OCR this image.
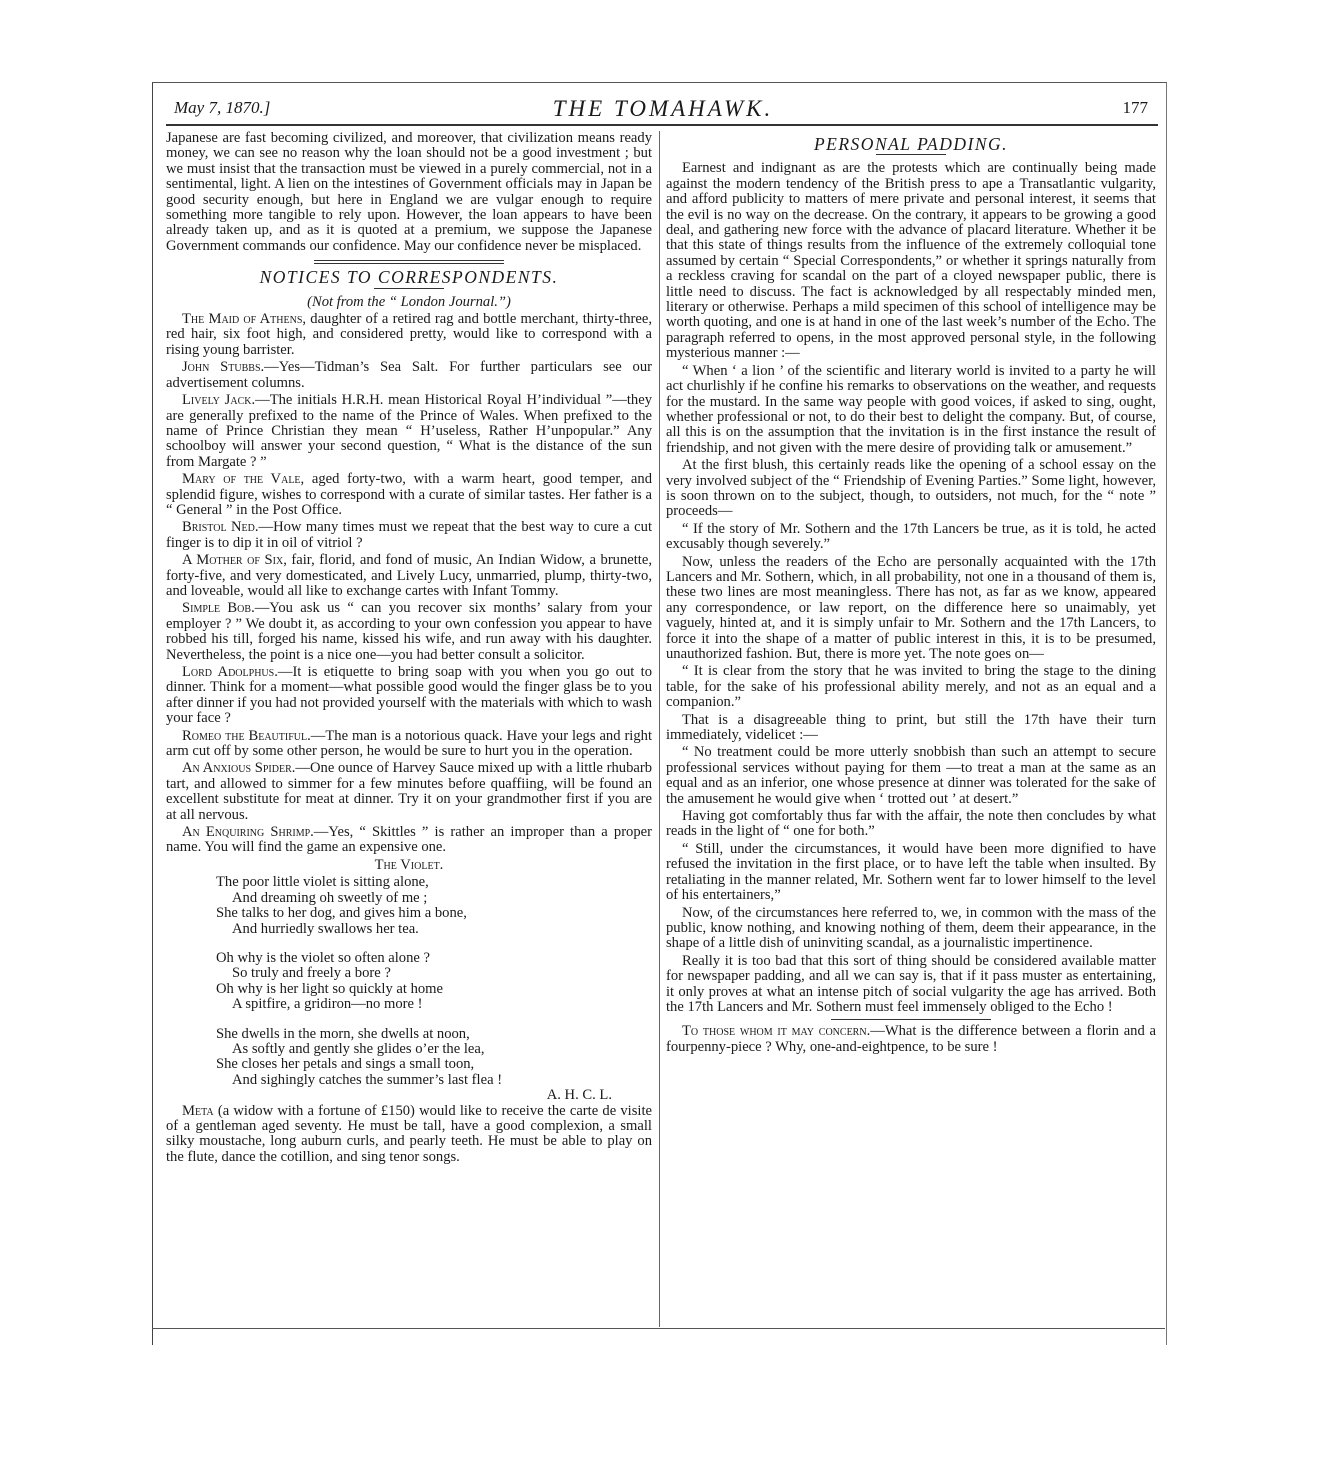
May 7, 1870.]	THE TOMAHAWK.	177

Japanese are fast becoming civilized, and moreover, that civilization means ready money, we can see no reason why the loan should not be a good investment ; but we must insist that the transaction must be viewed in a purely commercial, not in a sentimental, light. A lien on the intestines of Government officials may in Japan be good security enough, but here in England we are vulgar enough to require something more tangible to rely upon. However, the loan appears to have been already taken up, and as it is quoted at a premium, we suppose the Japanese Government commands our confidence. May our confidence never be misplaced.

NOTICES TO CORRESPONDENTS.
(Not from the “ London Journal.”)

The Maid of Athens, daughter of a retired rag and bottle merchant, thirty-three, red hair, six foot high, and considered pretty, would like to correspond with a rising young barrister.

John Stubbs.—Yes—Tidman’s Sea Salt. For further particulars see our advertisement columns.

Lively Jack.—The initials H.R.H. mean Historical Royal H’individual ”—they are generally prefixed to the name of the Prince of Wales. When prefixed to the name of Prince Christian they mean “ H’useless, Rather H’unpopular.” Any schoolboy will answer your second question, “ What is the distance of the sun from Margate ? ”

Mary of the Vale, aged forty-two, with a warm heart, good temper, and splendid figure, wishes to correspond with a curate of similar tastes. Her father is a “ General ” in the Post Office.

Bristol Ned.—How many times must we repeat that the best way to cure a cut finger is to dip it in oil of vitriol ?

A Mother of Six, fair, florid, and fond of music, An Indian Widow, a brunette, forty-five, and very domesticated, and Lively Lucy, unmarried, plump, thirty-two, and loveable, would all like to exchange cartes with Infant Tommy.

Simple Bob.—You ask us “ can you recover six months’ salary from your employer ? ” We doubt it, as according to your own confession you appear to have robbed his till, forged his name, kissed his wife, and run away with his daughter. Nevertheless, the point is a nice one—you had better consult a solicitor.

Lord Adolphus.—It is etiquette to bring soap with you when you go out to dinner. Think for a moment—what possible good would the finger glass be to you after dinner if you had not provided yourself with the materials with which to wash your face ?

Romeo the Beautiful.—The man is a notorious quack. Have your legs and right arm cut off by some other person, he would be sure to hurt you in the operation.

An Anxious Spider.—One ounce of Harvey Sauce mixed up with a little rhubarb tart, and allowed to simmer for a few minutes before quaffiing, will be found an excellent substitute for meat at dinner. Try it on your grandmother first if you are at all nervous.

An Enquiring Shrimp.—Yes, “ Skittles ” is rather an improper than a proper name. You will find the game an expensive one.

The Violet.
The poor little violet is sitting alone,
And dreaming oh sweetly of me ;
She talks to her dog, and gives him a bone,
And hurriedly swallows her tea.
Oh why is the violet so often alone ?
So truly and freely a bore ?
Oh why is her light so quickly at home
A spitfire, a gridiron—no more !
She dwells in the morn, she dwells at noon,
As softly and gently she glides o’er the lea,
She closes her petals and sings a small toon,
And sighingly catches the summer’s last flea !
A. H. C. L.

Meta (a widow with a fortune of £150) would like to receive the carte de visite of a gentleman aged seventy. He must be tall, have a good complexion, a small silky moustache, long auburn curls, and pearly teeth. He must be able to play on the flute, dance the cotillion, and sing tenor songs.

PERSONAL PADDING.

Earnest and indignant as are the protests which are continually being made against the modern tendency of the British press to ape a Transatlantic vulgarity, and afford publicity to matters of mere private and personal interest, it seems that the evil is no way on the decrease. On the contrary, it appears to be growing a good deal, and gathering new force with the advance of placard literature. Whether it be that this state of things results from the influence of the extremely colloquial tone assumed by certain “ Special Correspondents,” or whether it springs naturally from a reckless craving for scandal on the part of a cloyed newspaper public, there is little need to discuss. The fact is acknowledged by all respectably minded men, literary or otherwise. Perhaps a mild specimen of this school of intelligence may be worth quoting, and one is at hand in one of the last week’s number of the Echo. The paragraph referred to opens, in the most approved personal style, in the following mysterious manner :—

“ When ‘ a lion ’ of the scientific and literary world is invited to a party he will act churlishly if he confine his remarks to observations on the weather, and requests for the mustard. In the same way people with good voices, if asked to sing, ought, whether professional or not, to do their best to delight the company. But, of course, all this is on the assumption that the invitation is in the first instance the result of friendship, and not given with the mere desire of providing talk or amusement.”

At the first blush, this certainly reads like the opening of a school essay on the very involved subject of the “ Friendship of Evening Parties.” Some light, however, is soon thrown on to the subject, though, to outsiders, not much, for the “ note ” proceeds—

“ If the story of Mr. Sothern and the 17th Lancers be true, as it is told, he acted excusably though severely.”

Now, unless the readers of the Echo are personally acquainted with the 17th Lancers and Mr. Sothern, which, in all probability, not one in a thousand of them is, these two lines are most meaningless. There has not, as far as we know, appeared any correspondence, or law report, on the difference here so unaimably, yet vaguely, hinted at, and it is simply unfair to Mr. Sothern and the 17th Lancers, to force it into the shape of a matter of public interest in this, it is to be presumed, unauthorized fashion. But, there is more yet. The note goes on—

“ It is clear from the story that he was invited to bring the stage to the dining table, for the sake of his professional ability merely, and not as an equal and a companion.”

That is a disagreeable thing to print, but still the 17th have their turn immediately, videlicet :—

“ No treatment could be more utterly snobbish than such an attempt to secure professional services without paying for them —to treat a man at the same as an equal and as an inferior, one whose presence at dinner was tolerated for the sake of the amusement he would give when ‘ trotted out ’ at desert.”

Having got comfortably thus far with the affair, the note then concludes by what reads in the light of “ one for both.”

“ Still, under the circumstances, it would have been more dignified to have refused the invitation in the first place, or to have left the table when insulted. By retaliating in the manner related, Mr. Sothern went far to lower himself to the level of his entertainers,”

Now, of the circumstances here referred to, we, in common with the mass of the public, know nothing, and knowing nothing of them, deem their appearance, in the shape of a little dish of uninviting scandal, as a journalistic impertinence.

Really it is too bad that this sort of thing should be considered available matter for newspaper padding, and all we can say is, that if it pass muster as entertaining, it only proves at what an intense pitch of social vulgarity the age has arrived. Both the 17th Lancers and Mr. Sothern must feel immensely obliged to the Echo !

To those whom it may concern.—What is the difference between a florin and a fourpenny-piece ? Why, one-and-eightpence, to be sure !
